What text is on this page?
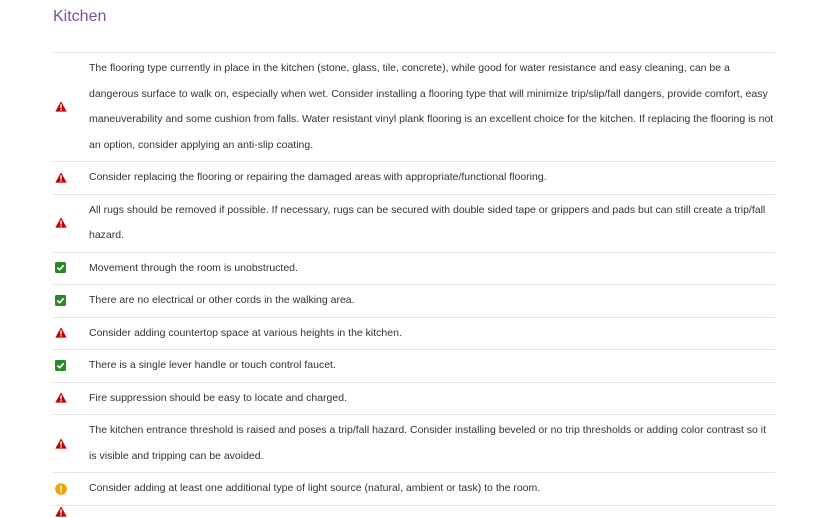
Kitchen
The flooring type currently in place in the kitchen (stone, glass, tile, concrete), while good for water resistance and easy cleaning, can be a dangerous surface to walk on, especially when wet. Consider installing a flooring type that will minimize trip/slip/fall dangers, provide comfort, easy maneuverability and some cushion from falls. Water resistant vinyl plank flooring is an excellent choice for the kitchen. If replacing the flooring is not an option, consider applying an anti-slip coating.
Consider replacing the flooring or repairing the damaged areas with appropriate/functional flooring.
All rugs should be removed if possible. If necessary, rugs can be secured with double sided tape or grippers and pads but can still create a trip/fall hazard.
Movement through the room is unobstructed.
There are no electrical or other cords in the walking area.
Consider adding countertop space at various heights in the kitchen.
There is a single lever handle or touch control faucet.
Fire suppression should be easy to locate and charged.
The kitchen entrance threshold is raised and poses a trip/fall hazard. Consider installing beveled or no trip thresholds or adding color contrast so it is visible and tripping can be avoided.
Consider adding at least one additional type of light source (natural, ambient or task) to the room.
